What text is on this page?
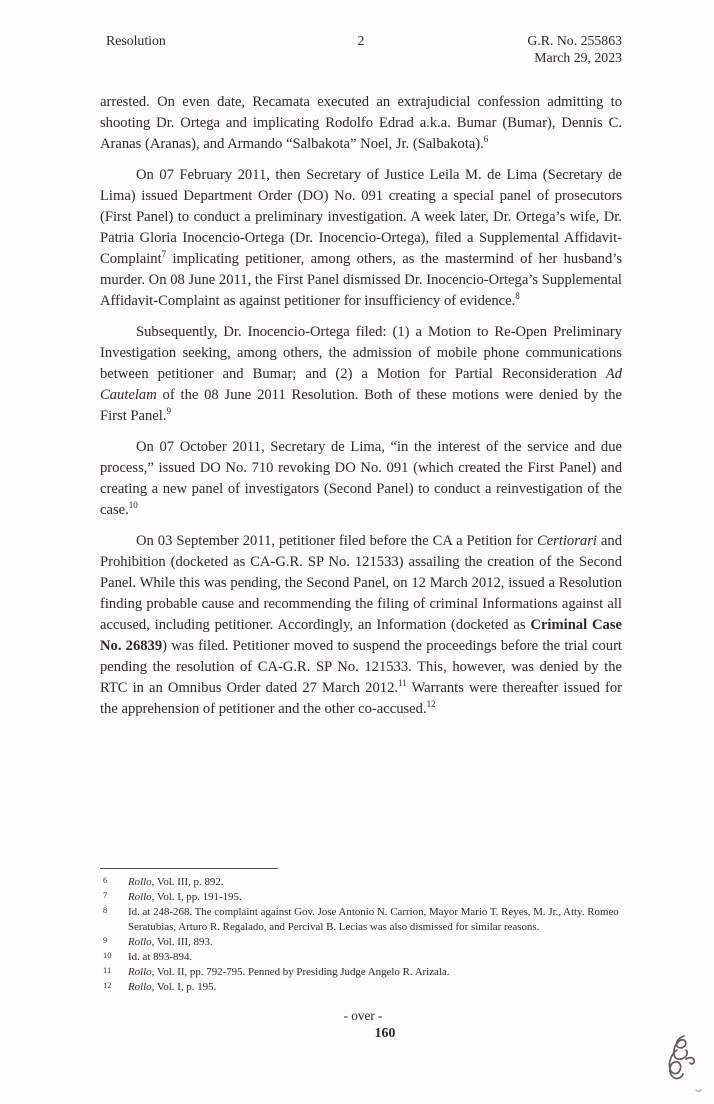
Resolution	2	G.R. No. 255863
March 29, 2023

arrested. On even date, Recamata executed an extrajudicial confession admitting to shooting Dr. Ortega and implicating Rodolfo Edrad a.k.a. Bumar (Bumar), Dennis C. Aranas (Aranas), and Armando “Salbakota” Noel, Jr. (Salbakota).$^6$

On 07 February 2011, then Secretary of Justice Leila M. de Lima (Secretary de Lima) issued Department Order (DO) No. 091 creating a special panel of prosecutors (First Panel) to conduct a preliminary investigation. A week later, Dr. Ortega’s wife, Dr. Patria Gloria Inocencio-Ortega (Dr. Inocencio-Ortega), filed a Supplemental Affidavit-Complaint$^7$ implicating petitioner, among others, as the mastermind of her husband’s murder. On 08 June 2011, the First Panel dismissed Dr. Inocencio-Ortega’s Supplemental Affidavit-Complaint as against petitioner for insufficiency of evidence.$^8$

Subsequently, Dr. Inocencio-Ortega filed: (1) a Motion to Re-Open Preliminary Investigation seeking, among others, the admission of mobile phone communications between petitioner and Bumar; and (2) a Motion for Partial Reconsideration Ad Cautelam of the 08 June 2011 Resolution. Both of these motions were denied by the First Panel.$^9$

On 07 October 2011, Secretary de Lima, “in the interest of the service and due process,” issued DO No. 710 revoking DO No. 091 (which created the First Panel) and creating a new panel of investigators (Second Panel) to conduct a reinvestigation of the case.$^{10}$

On 03 September 2011, petitioner filed before the CA a Petition for Certiorari and Prohibition (docketed as CA-G.R. SP No. 121533) assailing the creation of the Second Panel. While this was pending, the Second Panel, on 12 March 2012, issued a Resolution finding probable cause and recommending the filing of criminal Informations against all accused, including petitioner. Accordingly, an Information (docketed as Criminal Case No. 26839) was filed. Petitioner moved to suspend the proceedings before the trial court pending the resolution of CA-G.R. SP No. 121533. This, however, was denied by the RTC in an Omnibus Order dated 27 March 2012.11 Warrants were thereafter issued for the apprehension of petitioner and the other co-accused.$^{12}$

6 Rollo, Vol. III, p. 892.
7 Rollo, Vol. I, pp. 191-195.
8 Id. at 248-268. The complaint against Gov. Jose Antonio N. Carrion, Mayor Mario T. Reyes, M. Jr., Atty. Romeo Seratubias, Arturo R. Regalado, and Percival B. Lecias was also dismissed for similar reasons.
9 Rollo, Vol. III, 893.
10 Id. at 893-894.
11 Rollo, Vol. II, pp. 792-795. Penned by Presiding Judge Angelo R. Arizala.
12 Rollo, Vol. I, p. 195.
- over -
160
